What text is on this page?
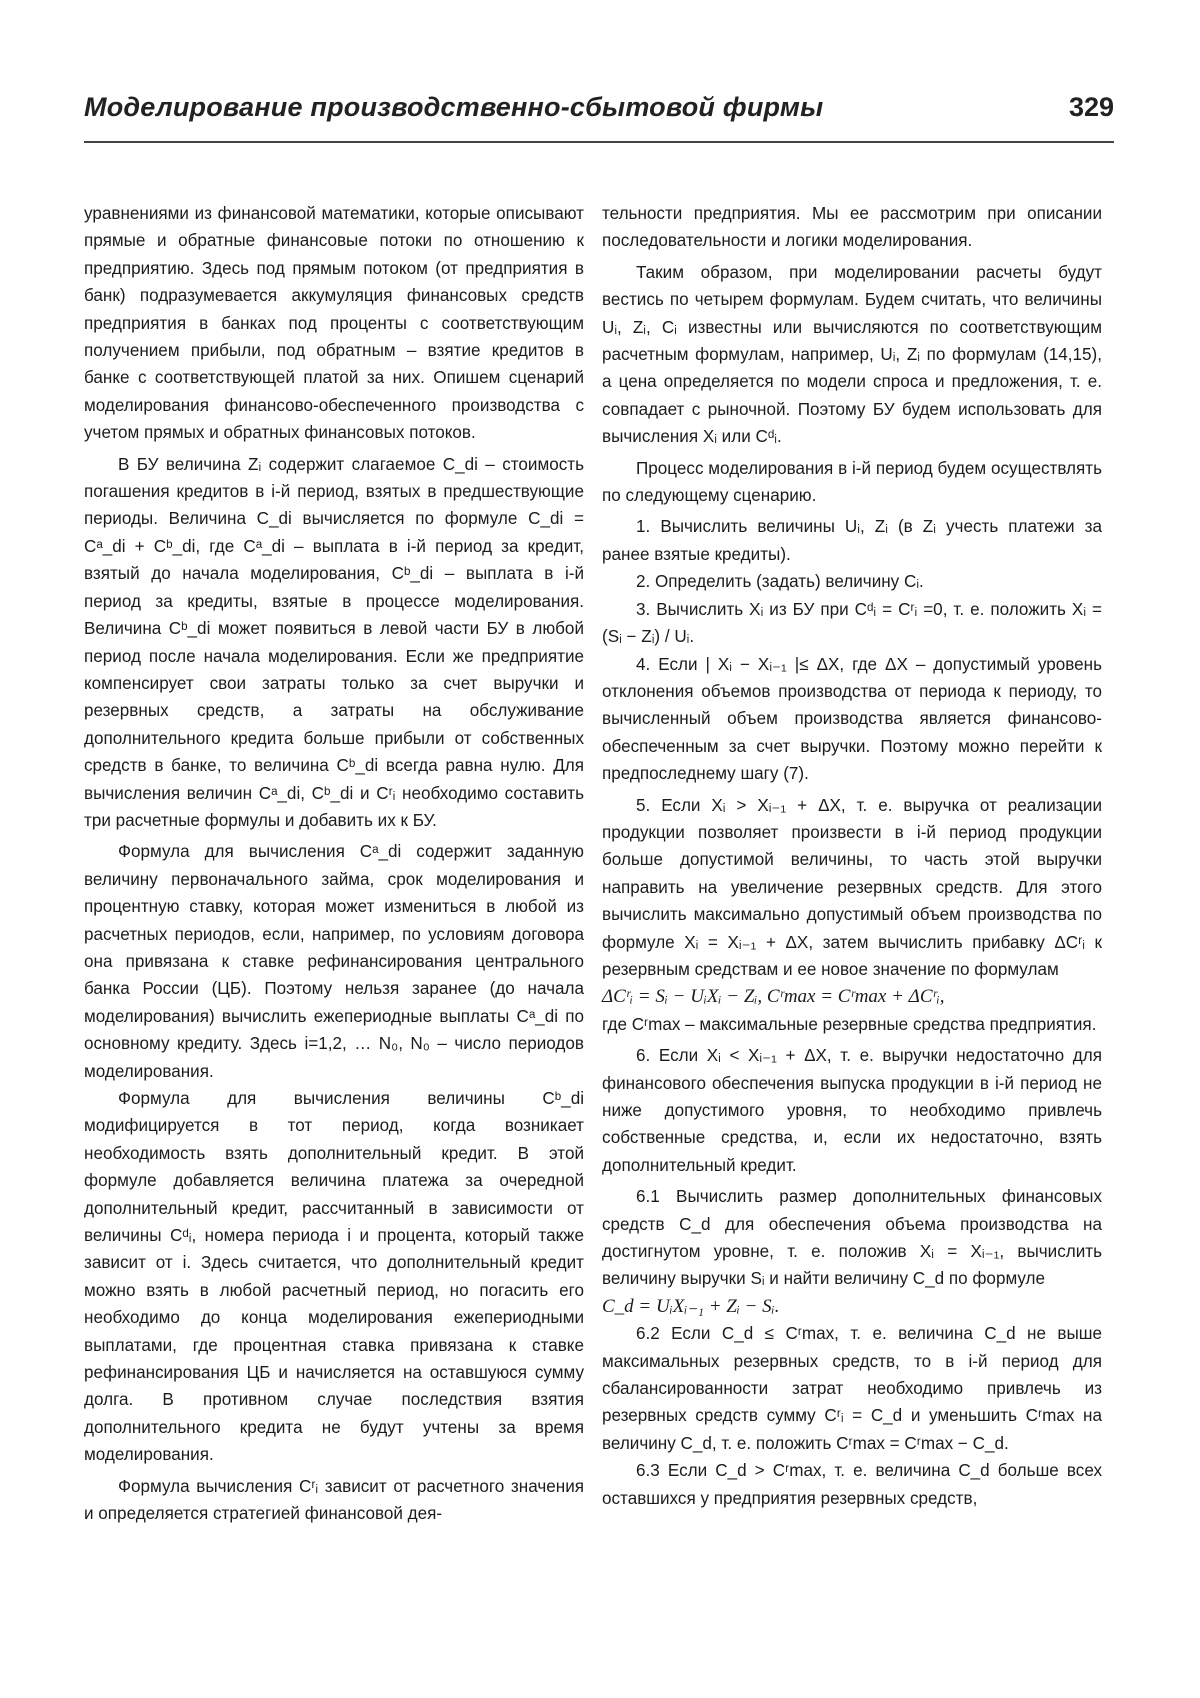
Моделирование производственно-сбытовой фирмы	329

уравнениями из финансовой математики, которые описывают прямые и обратные финансовые потоки по отношению к предприятию. Здесь под прямым потоком (от предприятия в банк) подразумевается аккумуляция финансовых средств предприятия в банках под проценты с соответствующим получением прибыли, под обратным – взятие кредитов в банке с соответствующей платой за них. Опишем сценарий моделирования финансово-обеспеченного производства с учетом прямых и обратных финансовых потоков.

В БУ величина Zᵢ содержит слагаемое C_di – стоимость погашения кредитов в i-й период, взятых в предшествующие периоды. Величина C_di вычисляется по формуле C_di = Cᵃ_di + Cᵇ_di, где Cᵃ_di – выплата в i-й период за кредит, взятый до начала моделирования, Cᵇ_di – выплата в i-й период за кредиты, взятые в процессе моделирования. Величина Cᵇ_di может появиться в левой части БУ в любой период после начала моделирования. Если же предприятие компенсирует свои затраты только за счет выручки и резервных средств, а затраты на обслуживание дополнительного кредита больше прибыли от собственных средств в банке, то величина Cᵇ_di всегда равна нулю. Для вычисления величин Cᵃ_di, Cᵇ_di и Cʳᵢ необходимо составить три расчетные формулы и добавить их к БУ.

Формула для вычисления Cᵃ_di содержит заданную величину первоначального займа, срок моделирования и процентную ставку, которая может измениться в любой из расчетных периодов, если, например, по условиям договора она привязана к ставке рефинансирования центрального банка России (ЦБ). Поэтому нельзя заранее (до начала моделирования) вычислить ежепериодные выплаты Cᵃ_di по основному кредиту. Здесь i=1,2, … N₀, N₀ – число периодов моделирования.

Формула для вычисления величины Cᵇ_di модифицируется в тот период, когда возникает необходимость взять дополнительный кредит. В этой формуле добавляется величина платежа за очередной дополнительный кредит, рассчитанный в зависимости от величины Cᵈᵢ, номера периода i и процента, который также зависит от i. Здесь считается, что дополнительный кредит можно взять в любой расчетный период, но погасить его необходимо до конца моделирования ежепериодными выплатами, где процентная ставка привязана к ставке рефинансирования ЦБ и начисляется на оставшуюся сумму долга. В противном случае последствия взятия дополнительного кредита не будут учтены за время моделирования.

Формула вычисления Cʳᵢ зависит от расчетного значения и определяется стратегией финансовой дея-

тельности предприятия. Мы ее рассмотрим при описании последовательности и логики моделирования.

Таким образом, при моделировании расчеты будут вестись по четырем формулам. Будем считать, что величины Uᵢ, Zᵢ, Cᵢ известны или вычисляются по соответствующим расчетным формулам, например, Uᵢ, Zᵢ по формулам (14,15), а цена определяется по модели спроса и предложения, т. е. совпадает с рыночной. Поэтому БУ будем использовать для вычисления Xᵢ или Cᵈᵢ.

Процесс моделирования в i-й период будем осуществлять по следующему сценарию.

1. Вычислить величины Uᵢ, Zᵢ (в Zᵢ учесть платежи за ранее взятые кредиты).

2. Определить (задать) величину Cᵢ.

3. Вычислить Xᵢ из БУ при Cᵈᵢ = Cʳᵢ =0, т. е. положить Xᵢ = (Sᵢ − Zᵢ) / Uᵢ.

4. Если | Xᵢ − Xᵢ₋₁ |≤ ΔX, где ΔX – допустимый уровень отклонения объемов производства от периода к периоду, то вычисленный объем производства является финансово-обеспеченным за счет выручки. Поэтому можно перейти к предпоследнему шагу (7).

5. Если Xᵢ > Xᵢ₋₁ + ΔX, т. е. выручка от реализации продукции позволяет произвести в i-й период продукции больше допустимой величины, то часть этой выручки направить на увеличение резервных средств. Для этого вычислить максимально допустимый объем производства по формуле Xᵢ = Xᵢ₋₁ + ΔX, затем вычислить прибавку ΔCʳᵢ к резервным средствам и ее новое значение по формулам

ΔCʳᵢ = Sᵢ − UᵢXᵢ − Zᵢ, Cʳmax = Cʳmax + ΔCʳᵢ,

где Cʳmax – максимальные резервные средства предприятия.

6. Если Xᵢ < Xᵢ₋₁ + ΔX, т. е. выручки недостаточно для финансового обеспечения выпуска продукции в i-й период не ниже допустимого уровня, то необходимо привлечь собственные средства, и, если их недостаточно, взять дополнительный кредит.

6.1 Вычислить размер дополнительных финансовых средств C_d для обеспечения объема производства на достигнутом уровне, т. е. положив Xᵢ = Xᵢ₋₁, вычислить величину выручки Sᵢ и найти величину C_d по формуле

C_d = UᵢXᵢ₋₁ + Zᵢ − Sᵢ.

6.2 Если C_d ≤ Cʳmax, т. е. величина C_d не выше максимальных резервных средств, то в i-й период для сбалансированности затрат необходимо привлечь из резервных средств сумму Cʳᵢ = C_d и уменьшить Cʳmax на величину C_d, т. е. положить Cʳmax = Cʳmax − C_d.

6.3 Если C_d > Cʳmax, т. е. величина C_d больше всех оставшихся у предприятия резервных средств,
